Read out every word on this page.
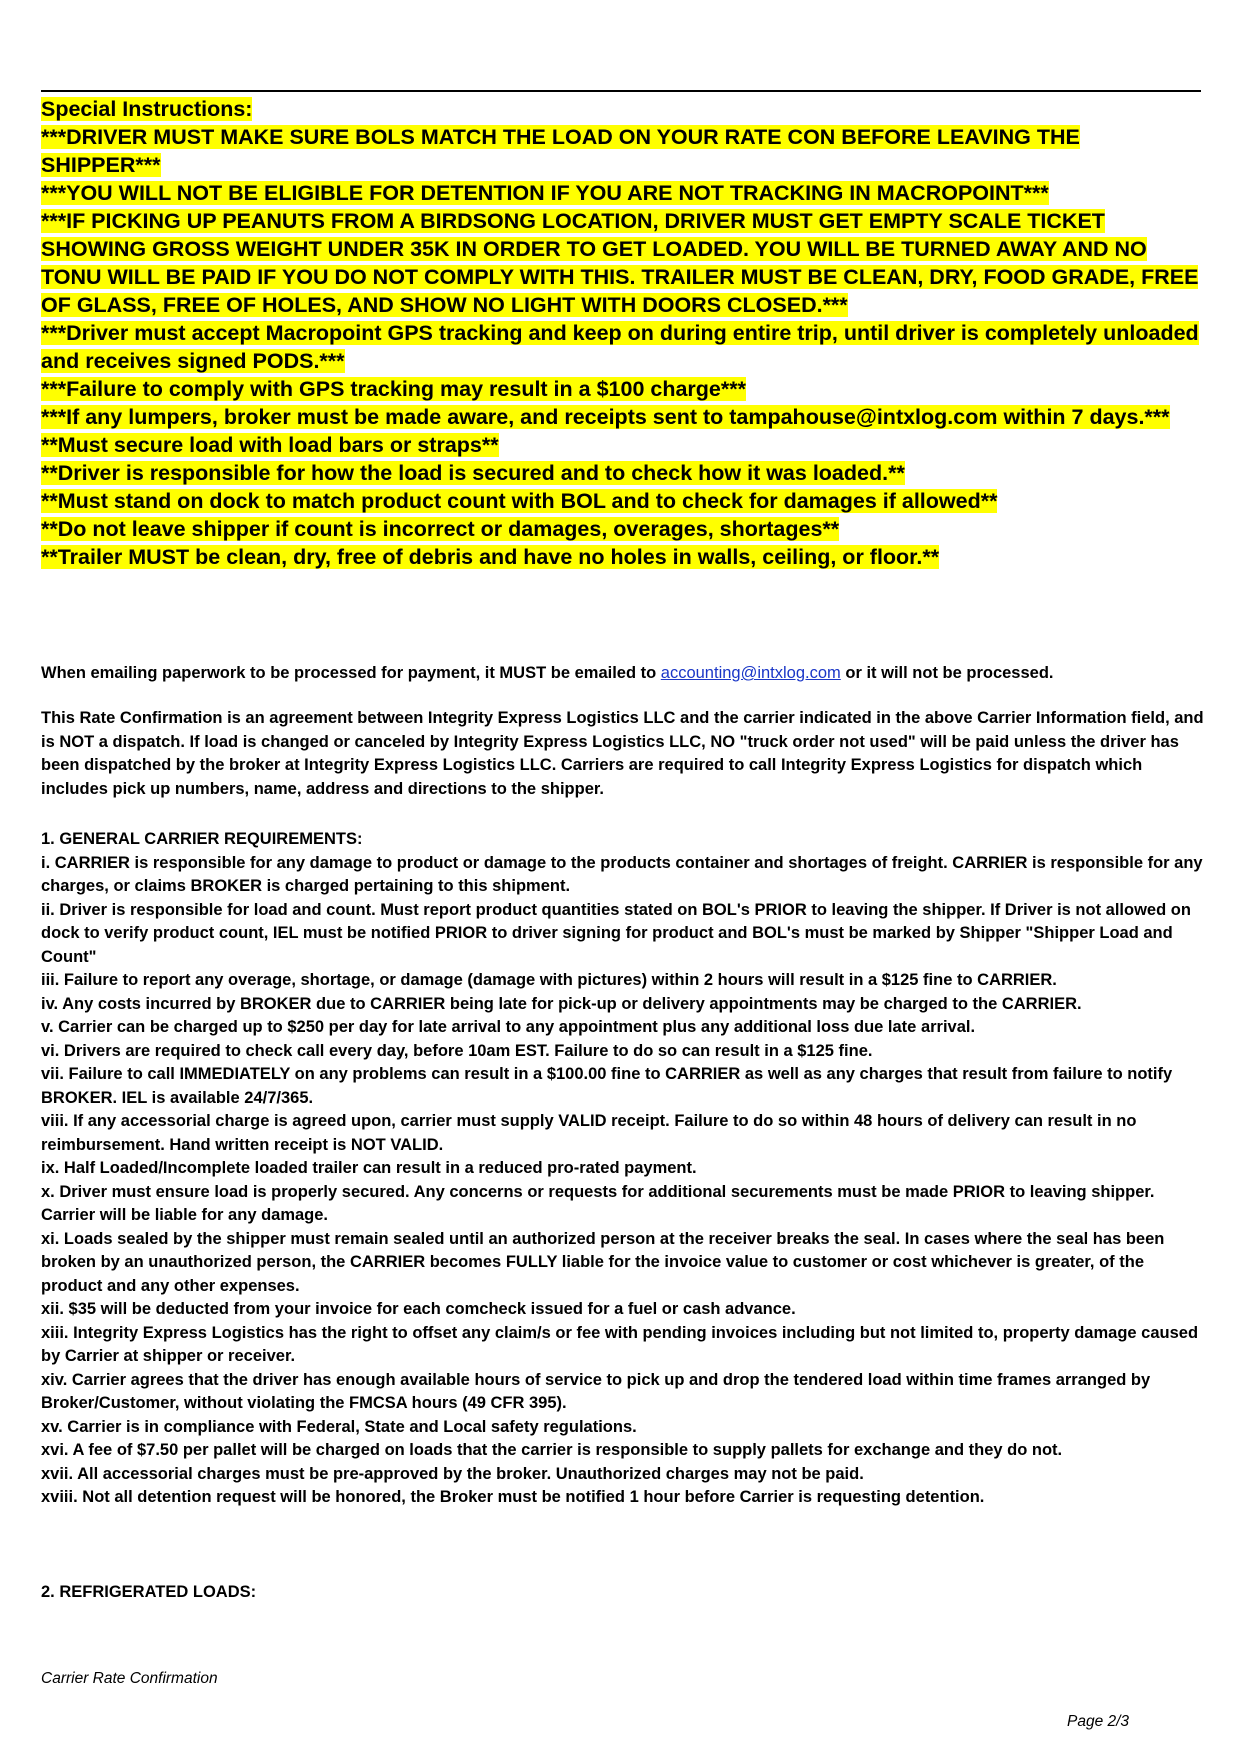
Special Instructions:
***DRIVER MUST MAKE SURE BOLS MATCH THE LOAD ON YOUR RATE CON BEFORE LEAVING THE SHIPPER***
***YOU WILL NOT BE ELIGIBLE FOR DETENTION IF YOU ARE NOT TRACKING IN MACROPOINT***
***IF PICKING UP PEANUTS FROM A BIRDSONG LOCATION, DRIVER MUST GET EMPTY SCALE TICKET SHOWING GROSS WEIGHT UNDER 35K IN ORDER TO GET LOADED. YOU WILL BE TURNED AWAY AND NO TONU WILL BE PAID IF YOU DO NOT COMPLY WITH THIS. TRAILER MUST BE CLEAN, DRY, FOOD GRADE, FREE OF GLASS, FREE OF HOLES, AND SHOW NO LIGHT WITH DOORS CLOSED.***
***Driver must accept Macropoint GPS tracking and keep on during entire trip, until driver is completely unloaded and receives signed PODS.***
***Failure to comply with GPS tracking may result in a $100 charge***
***If any lumpers, broker must be made aware, and receipts sent to tampahouse@intxlog.com within 7 days.***
**Must secure load with load bars or straps**
**Driver is responsible for how the load is secured and to check how it was loaded.**
**Must stand on dock to match product count with BOL and to check for damages if allowed**
**Do not leave shipper if count is incorrect or damages, overages, shortages**
**Trailer MUST be clean, dry, free of debris and have no holes in walls, ceiling, or floor.**
When emailing paperwork to be processed for payment, it MUST be emailed to accounting@intxlog.com or it will not be processed.
This Rate Confirmation is an agreement between Integrity Express Logistics LLC and the carrier indicated in the above Carrier Information field, and is NOT a dispatch. If load is changed or canceled by Integrity Express Logistics LLC, NO "truck order not used" will be paid unless the driver has been dispatched by the broker at Integrity Express Logistics LLC. Carriers are required to call Integrity Express Logistics for dispatch which includes pick up numbers, name, address and directions to the shipper.
1. GENERAL CARRIER REQUIREMENTS:
i. CARRIER is responsible for any damage to product or damage to the products container and shortages of freight. CARRIER is responsible for any charges, or claims BROKER is charged pertaining to this shipment.
ii. Driver is responsible for load and count. Must report product quantities stated on BOL's PRIOR to leaving the shipper. If Driver is not allowed on dock to verify product count, IEL must be notified PRIOR to driver signing for product and BOL's must be marked by Shipper "Shipper Load and Count"
iii. Failure to report any overage, shortage, or damage (damage with pictures) within 2 hours will result in a $125 fine to CARRIER.
iv. Any costs incurred by BROKER due to CARRIER being late for pick-up or delivery appointments may be charged to the CARRIER.
v. Carrier can be charged up to $250 per day for late arrival to any appointment plus any additional loss due late arrival.
vi. Drivers are required to check call every day, before 10am EST. Failure to do so can result in a $125 fine.
vii. Failure to call IMMEDIATELY on any problems can result in a $100.00 fine to CARRIER as well as any charges that result from failure to notify BROKER. IEL is available 24/7/365.
viii. If any accessorial charge is agreed upon, carrier must supply VALID receipt. Failure to do so within 48 hours of delivery can result in no reimbursement. Hand written receipt is NOT VALID.
ix. Half Loaded/Incomplete loaded trailer can result in a reduced pro-rated payment.
x. Driver must ensure load is properly secured. Any concerns or requests for additional securements must be made PRIOR to leaving shipper. Carrier will be liable for any damage.
xi. Loads sealed by the shipper must remain sealed until an authorized person at the receiver breaks the seal. In cases where the seal has been broken by an unauthorized person, the CARRIER becomes FULLY liable for the invoice value to customer or cost whichever is greater, of the product and any other expenses.
xii. $35 will be deducted from your invoice for each comcheck issued for a fuel or cash advance.
xiii. Integrity Express Logistics has the right to offset any claim/s or fee with pending invoices including but not limited to, property damage caused by Carrier at shipper or receiver.
xiv. Carrier agrees that the driver has enough available hours of service to pick up and drop the tendered load within time frames arranged by Broker/Customer, without violating the FMCSA hours (49 CFR 395).
xv. Carrier is in compliance with Federal, State and Local safety regulations.
xvi. A fee of $7.50 per pallet will be charged on loads that the carrier is responsible to supply pallets for exchange and they do not.
xvii. All accessorial charges must be pre-approved by the broker. Unauthorized charges may not be paid.
xviii. Not all detention request will be honored, the Broker must be notified 1 hour before Carrier is requesting detention.
2. REFRIGERATED LOADS:
Carrier Rate Confirmation
Page 2/3
